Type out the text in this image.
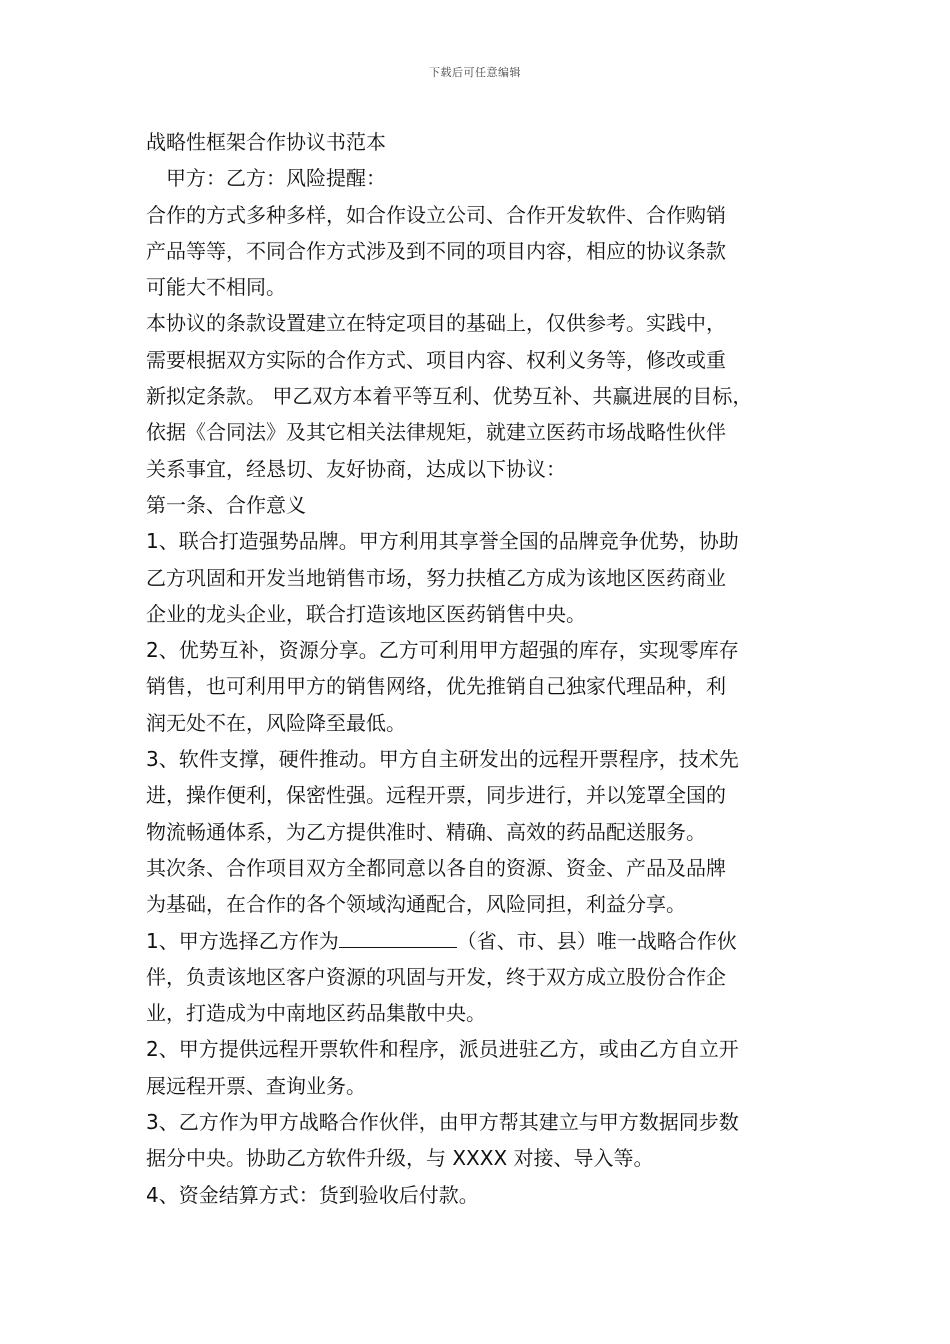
下载后可任意编辑
战略性框架合作协议书范本
甲方：乙方：风险提醒：
合作的方式多种多样，如合作设立公司、合作开发软件、合作购销
产品等等，不同合作方式涉及到不同的项目内容，相应的协议条款
可能大不相同。
本协议的条款设置建立在特定项目的基础上，仅供参考。实践中，
需要根据双方实际的合作方式、项目内容、权利义务等，修改或重
新拟定条款。 甲乙双方本着平等互利、优势互补、共赢进展的目标，
依据《合同法》及其它相关法律规矩，就建立医药市场战略性伙伴
关系事宜，经恳切、友好协商，达成以下协议：
第一条、合作意义
1、联合打造强势品牌。甲方利用其享誉全国的品牌竞争优势，协助
乙方巩固和开发当地销售市场，努力扶植乙方成为该地区医药商业
企业的龙头企业，联合打造该地区医药销售中央。
2、优势互补，资源分享。乙方可利用甲方超强的库存，实现零库存
销售，也可利用甲方的销售网络，优先推销自己独家代理品种，利
润无处不在，风险降至最低。
3、软件支撑，硬件推动。甲方自主研发出的远程开票程序，技术先
进，操作便利，保密性强。远程开票，同步进行，并以笼罩全国的
物流畅通体系，为乙方提供准时、精确、高效的药品配送服务。
其次条、合作项目双方全都同意以各自的资源、资金、产品及品牌
为基础，在合作的各个领域沟通配合，风险同担，利益分享。
1、甲方选择乙方作为	（省、市、县）唯一战略合作伙
伴，负责该地区客户资源的巩固与开发，终于双方成立股份合作企
业，打造成为中南地区药品集散中央。
2、甲方提供远程开票软件和程序，派员进驻乙方，或由乙方自立开
展远程开票、查询业务。
3、乙方作为甲方战略合作伙伴，由甲方帮其建立与甲方数据同步数
据分中央。协助乙方软件升级，与 XXXX 对接、导入等。
4、资金结算方式：货到验收后付款。
